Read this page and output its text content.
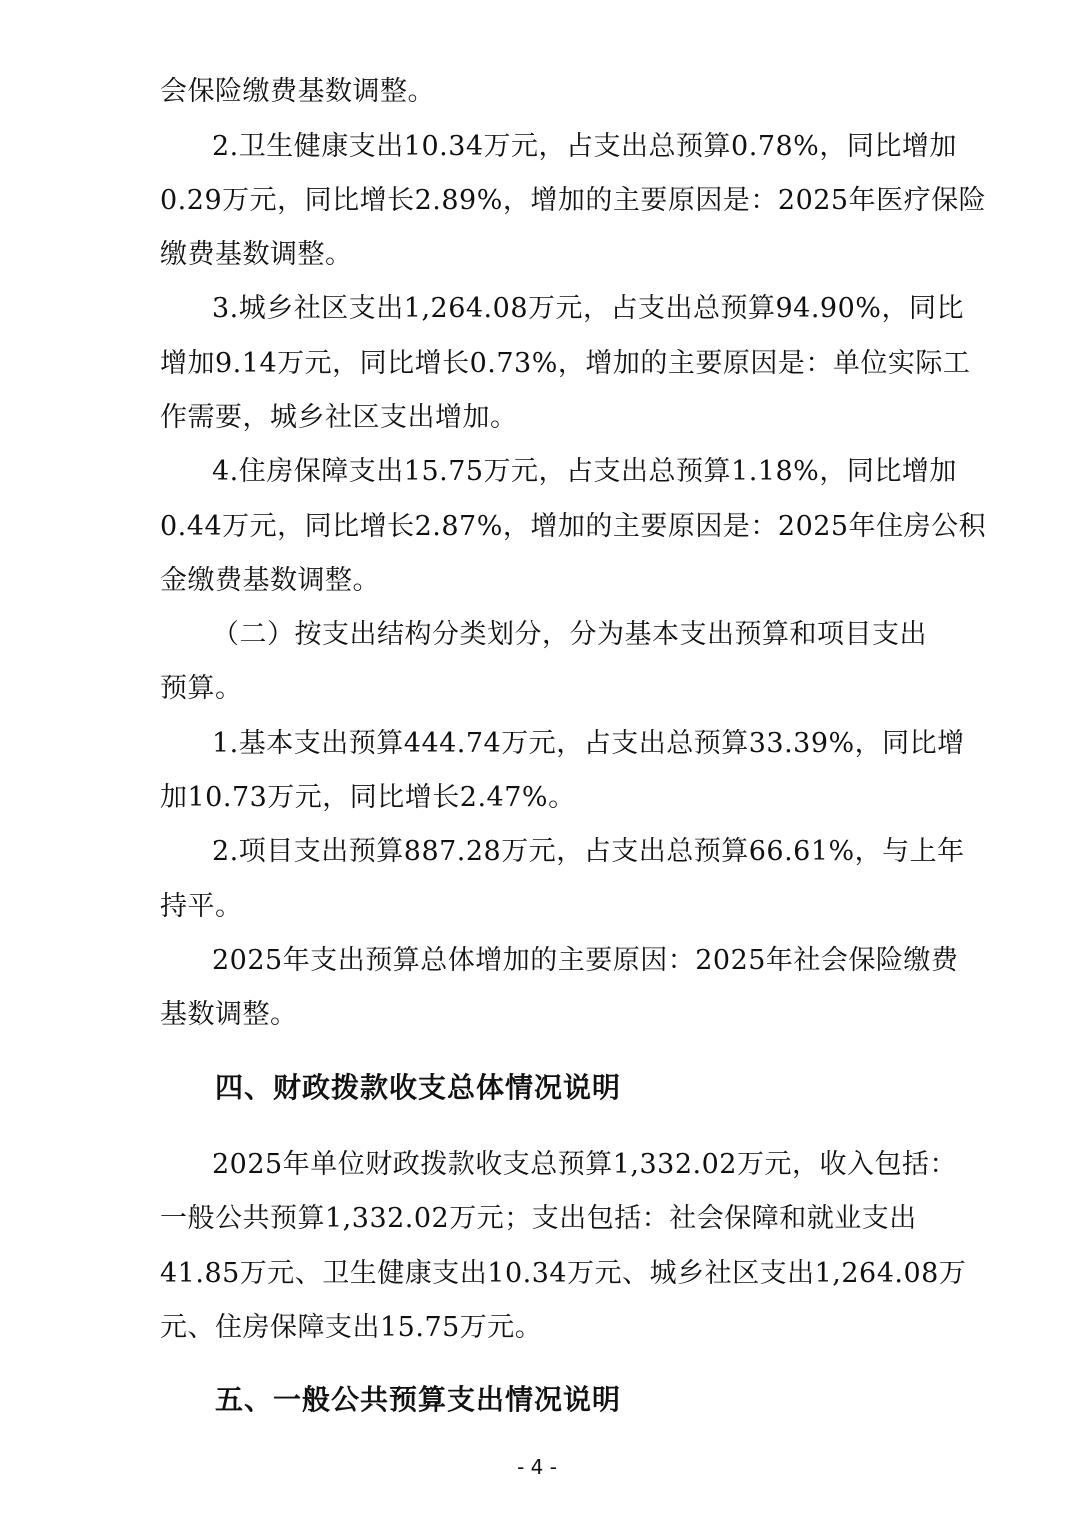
会保险缴费基数调整。
2.卫生健康支出10.34万元，占支出总预算0.78%，同比增加
0.29万元，同比增长2.89%，增加的主要原因是：2025年医疗保险
缴费基数调整。
3.城乡社区支出1,264.08万元，占支出总预算94.90%，同比
增加9.14万元，同比增长0.73%，增加的主要原因是：单位实际工
作需要，城乡社区支出增加。
4.住房保障支出15.75万元，占支出总预算1.18%，同比增加
0.44万元，同比增长2.87%，增加的主要原因是：2025年住房公积
金缴费基数调整。
（二）按支出结构分类划分，分为基本支出预算和项目支出
预算。
1.基本支出预算444.74万元，占支出总预算33.39%，同比增
加10.73万元，同比增长2.47%。
2.项目支出预算887.28万元，占支出总预算66.61%，与上年
持平。
2025年支出预算总体增加的主要原因：2025年社会保险缴费
基数调整。
四、财政拨款收支总体情况说明
2025年单位财政拨款收支总预算1,332.02万元，收入包括：
一般公共预算1,332.02万元；支出包括：社会保障和就业支出
41.85万元、卫生健康支出10.34万元、城乡社区支出1,264.08万
元、住房保障支出15.75万元。
五、一般公共预算支出情况说明
- 4 -
